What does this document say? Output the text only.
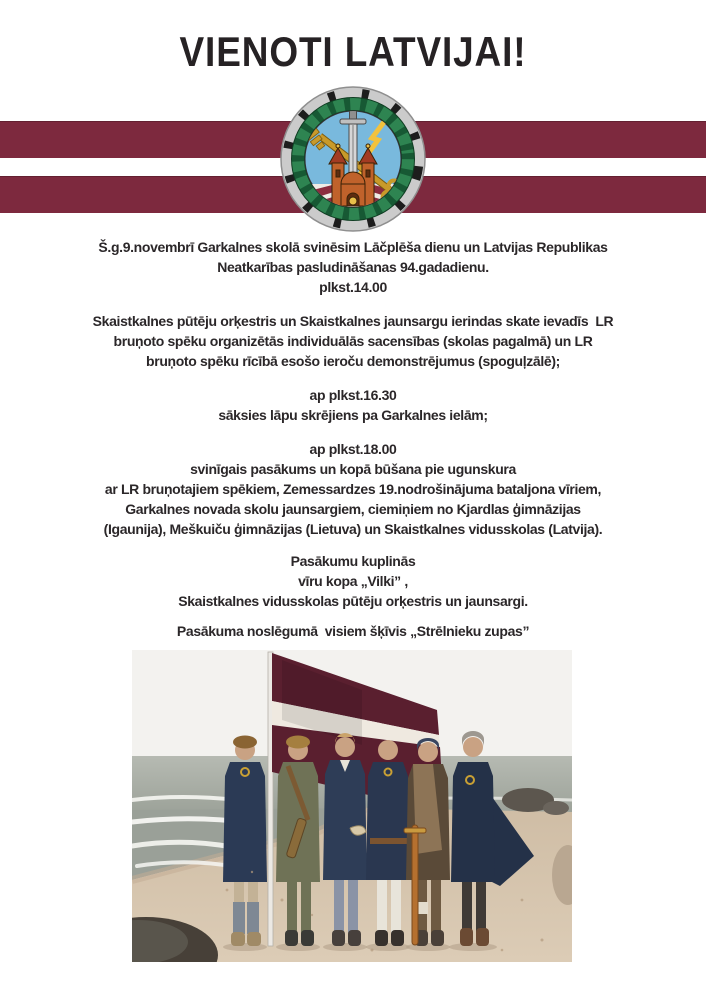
VIENOTI LATVIJAI!

Š.g.9.novembrī Garkalnes skolā svinēsim Lāčplēša dienu un Latvijas Republikas
Neatkarības pasludināšanas 94.gadadienu.
plkst.14.00

Skaistkalnes pūtēju orķestris un Skaistkalnes jaunsargu ierindas skate ievadīs  LR
bruņoto spēku organizētās individuālās sacensības (skolas pagalmā) un LR
bruņoto spēku rīcībā esošo ieroču demonstrējumus (spoguļzālē);

ap plkst.16.30
sāksies lāpu skrējiens pa Garkalnes ielām;

ap plkst.18.00
svinīgais pasākums un kopā būšana pie ugunskura
ar LR bruņotajiem spēkiem, Zemessardzes 19.nodrošinājuma bataljona vīriem,
Garkalnes novada skolu jaunsargiem, ciemiņiem no Kjardlas ģimnāzijas
(Igaunija), Meškuiču ģimnāzijas (Lietuva) un Skaistkalnes vidusskolas (Latvija).

Pasākumu kuplinās
vīru kopa „Vilki” ,
Skaistkalnes vidusskolas pūtēju orķestris un jaunsargi.

Pasākuma noslēgumā  visiem šķīvis „Strēlnieku zupas”
